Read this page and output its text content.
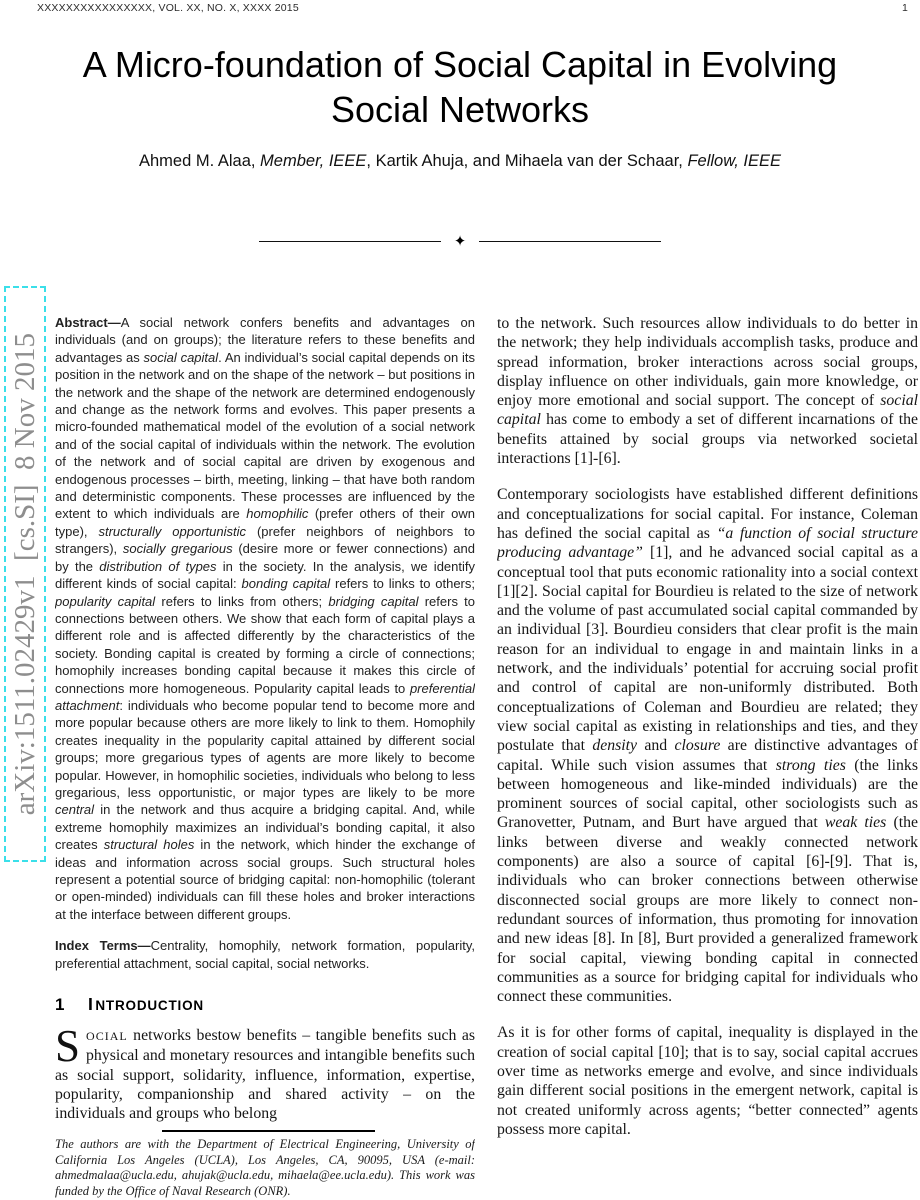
XXXXXXXXXXXXXXXX, VOL. XX, NO. X, XXXX 2015	1
A Micro-foundation of Social Capital in Evolving
Social Networks
Ahmed M. Alaa, Member, IEEE, Kartik Ahuja, and Mihaela van der Schaar, Fellow, IEEE
✦
arXiv:1511.02429v1  [cs.SI]  8 Nov 2015

Abstract—A social network confers benefits and advantages on individuals (and on groups); the literature refers to these benefits and advantages as social capital. An individual’s social capital depends on its position in the network and on the shape of the network – but positions in the network and the shape of the network are determined endogenously and change as the network forms and evolves. This paper presents a micro-founded mathematical model of the evolution of a social network and of the social capital of individuals within the network. The evolution of the network and of social capital are driven by exogenous and endogenous processes – birth, meeting, linking – that have both random and deterministic components. These processes are influenced by the extent to which individuals are homophilic (prefer others of their own type), structurally opportunistic (prefer neighbors of neighbors to strangers), socially gregarious (desire more or fewer connections) and by the distribution of types in the society. In the analysis, we identify different kinds of social capital: bonding capital refers to links to others; popularity capital refers to links from others; bridging capital refers to connections between others. We show that each form of capital plays a different role and is affected differently by the characteristics of the society. Bonding capital is created by forming a circle of connections; homophily increases bonding capital because it makes this circle of connections more homogeneous. Popularity capital leads to preferential attachment: individuals who become popular tend to become more and more popular because others are more likely to link to them. Homophily creates inequality in the popularity capital attained by different social groups; more gregarious types of agents are more likely to become popular. However, in homophilic societies, individuals who belong to less gregarious, less opportunistic, or major types are likely to be more central in the network and thus acquire a bridging capital. And, while extreme homophily maximizes an individual’s bonding capital, it also creates structural holes in the network, which hinder the exchange of ideas and information across social groups. Such structural holes represent a potential source of bridging capital: non-homophilic (tolerant or open-minded) individuals can fill these holes and broker interactions at the interface between different groups.

Index Terms—Centrality, homophily, network formation, popularity, preferential attachment, social capital, social networks.

1 INTRODUCTION

SOCIAL networks bestow benefits – tangible benefits such as physical and monetary resources and intangible benefits such as social support, solidarity, influence, information, expertise, popularity, companionship and shared activity – on the individuals and groups who belong

The authors are with the Department of Electrical Engineering, University of California Los Angeles (UCLA), Los Angeles, CA, 90095, USA (e-mail: ahmedmalaa@ucla.edu, ahujak@ucla.edu, mihaela@ee.ucla.edu). This work was funded by the Office of Naval Research (ONR).

to the network. Such resources allow individuals to do better in the network; they help individuals accomplish tasks, produce and spread information, broker interactions across social groups, display influence on other individuals, gain more knowledge, or enjoy more emotional and social support. The concept of social capital has come to embody a set of different incarnations of the benefits attained by social groups via networked societal interactions [1]-[6].

Contemporary sociologists have established different definitions and conceptualizations for social capital. For instance, Coleman has defined the social capital as “a function of social structure producing advantage” [1], and he advanced social capital as a conceptual tool that puts economic rationality into a social context [1][2]. Social capital for Bourdieu is related to the size of network and the volume of past accumulated social capital commanded by an individual [3]. Bourdieu considers that clear profit is the main reason for an individual to engage in and maintain links in a network, and the individuals’ potential for accruing social profit and control of capital are non-uniformly distributed. Both conceptualizations of Coleman and Bourdieu are related; they view social capital as existing in relationships and ties, and they postulate that density and closure are distinctive advantages of capital. While such vision assumes that strong ties (the links between homogeneous and like-minded individuals) are the prominent sources of social capital, other sociologists such as Granovetter, Putnam, and Burt have argued that weak ties (the links between diverse and weakly connected network components) are also a source of capital [6]-[9]. That is, individuals who can broker connections between otherwise disconnected social groups are more likely to connect non-redundant sources of information, thus promoting for innovation and new ideas [8]. In [8], Burt provided a generalized framework for social capital, viewing bonding capital in connected communities as a source for bridging capital for individuals who connect these communities.

As it is for other forms of capital, inequality is displayed in the creation of social capital [10]; that is to say, social capital accrues over time as networks emerge and evolve, and since individuals gain different social positions in the emergent network, capital is not created uniformly across agents; “better connected” agents possess more capital.
